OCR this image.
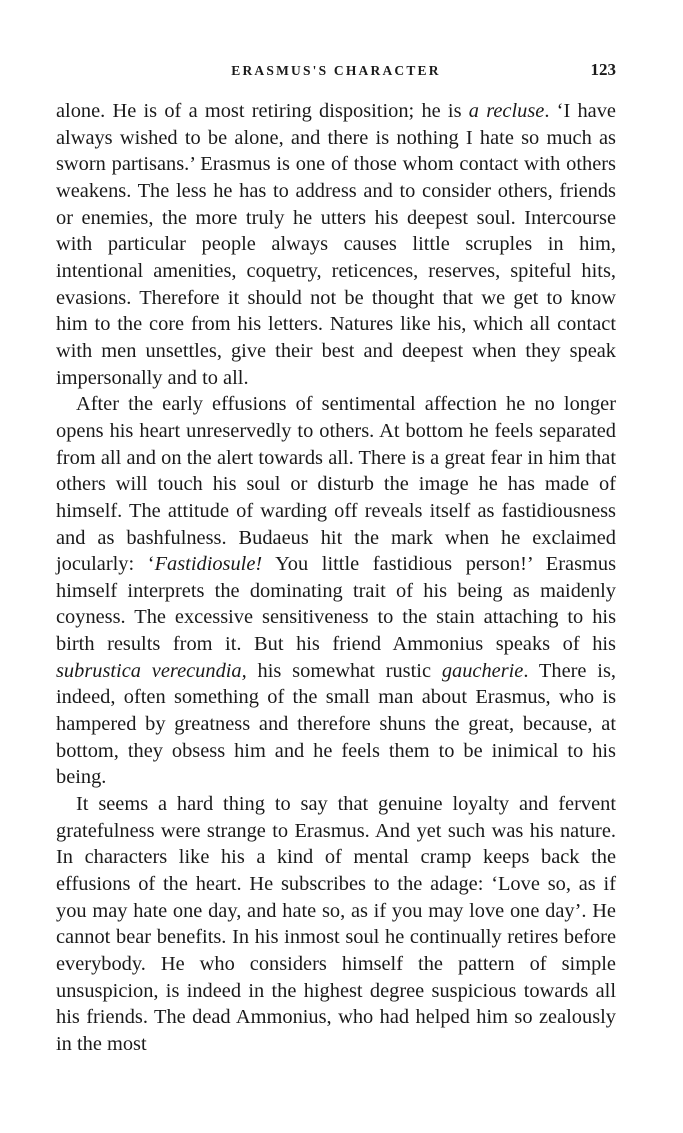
ERASMUS'S CHARACTER	123

alone. He is of a most retiring disposition; he is a recluse. ‘I have always wished to be alone, and there is nothing I hate so much as sworn partisans.’ Erasmus is one of those whom contact with others weakens. The less he has to address and to consider others, friends or enemies, the more truly he utters his deepest soul. Intercourse with particular people always causes little scruples in him, intentional amenities, coquetry, reticences, reserves, spiteful hits, evasions. Therefore it should not be thought that we get to know him to the core from his letters. Natures like his, which all contact with men unsettles, give their best and deepest when they speak impersonally and to all.

After the early effusions of sentimental affection he no longer opens his heart unreservedly to others. At bottom he feels separated from all and on the alert towards all. There is a great fear in him that others will touch his soul or disturb the image he has made of himself. The attitude of warding off reveals itself as fastidiousness and as bashfulness. Budaeus hit the mark when he exclaimed jocularly: ‘Fastidiosule! You little fastidious person!’ Erasmus himself interprets the dominating trait of his being as maidenly coyness. The excessive sensitiveness to the stain attaching to his birth results from it. But his friend Ammonius speaks of his subrustica verecundia, his somewhat rustic gaucherie. There is, indeed, often something of the small man about Erasmus, who is hampered by greatness and therefore shuns the great, because, at bottom, they obsess him and he feels them to be inimical to his being.

It seems a hard thing to say that genuine loyalty and fervent gratefulness were strange to Erasmus. And yet such was his nature. In characters like his a kind of mental cramp keeps back the effusions of the heart. He subscribes to the adage: ‘Love so, as if you may hate one day, and hate so, as if you may love one day’. He cannot bear benefits. In his inmost soul he continually retires before everybody. He who considers himself the pattern of simple unsuspicion, is indeed in the highest degree suspicious towards all his friends. The dead Ammonius, who had helped him so zealously in the most
